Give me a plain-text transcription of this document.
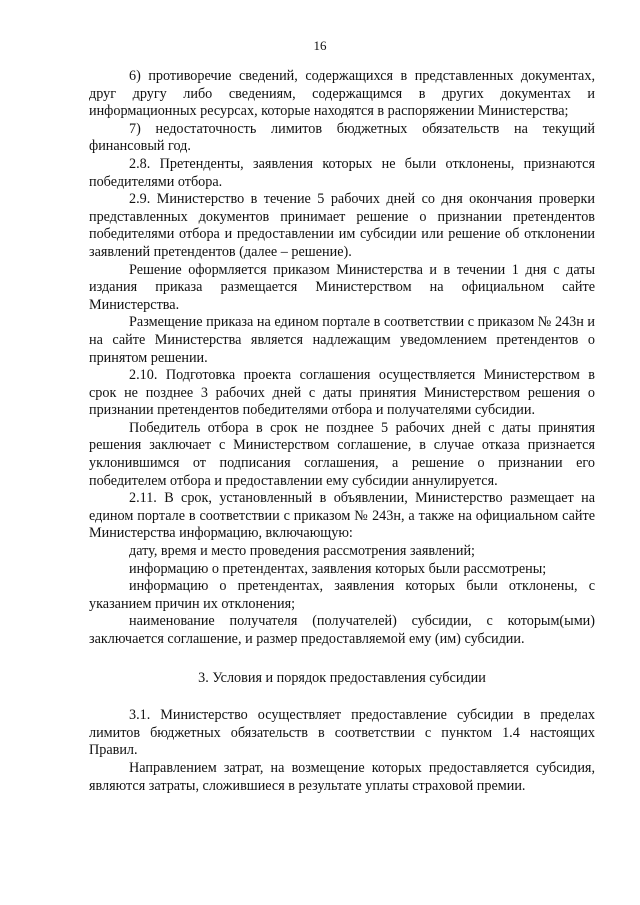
16

6) противоречие сведений, содержащихся в представленных документах, друг другу либо сведениям, содержащимся в других документах и информационных ресурсах, которые находятся в распоряжении Министерства;

7) недостаточность лимитов бюджетных обязательств на текущий финансовый год.

2.8. Претенденты, заявления которых не были отклонены, признаются победителями отбора.

2.9. Министерство в течение 5 рабочих дней со дня окончания проверки представленных документов принимает решение о признании претендентов победителями отбора и предоставлении им субсидии или решение об отклонении заявлений претендентов (далее – решение).

Решение оформляется приказом Министерства и в течении 1 дня с даты издания приказа размещается Министерством на официальном сайте Министерства.

Размещение приказа на едином портале в соответствии с приказом № 243н и на сайте Министерства является надлежащим уведомлением претендентов о принятом решении.

2.10. Подготовка проекта соглашения осуществляется Министерством в срок не позднее 3 рабочих дней с даты принятия Министерством решения о признании претендентов победителями отбора и получателями субсидии.

Победитель отбора в срок не позднее 5 рабочих дней с даты принятия решения заключает с Министерством соглашение, в случае отказа признается уклонившимся от подписания соглашения, а решение о признании его победителем отбора и предоставлении ему субсидии аннулируется.

2.11. В срок, установленный в объявлении, Министерство размещает на едином портале в соответствии с приказом № 243н, а также на официальном сайте Министерства информацию, включающую:

дату, время и место проведения рассмотрения заявлений;

информацию о претендентах, заявления которых были рассмотрены;

информацию о претендентах, заявления которых были отклонены, с указанием причин их отклонения;

наименование получателя (получателей) субсидии, с которым(ыми) заключается соглашение, и размер предоставляемой ему (им) субсидии.

3. Условия и порядок предоставления субсидии

3.1. Министерство осуществляет предоставление субсидии в пределах лимитов бюджетных обязательств в соответствии с пунктом 1.4 настоящих Правил.

Направлением затрат, на возмещение которых предоставляется субсидия, являются затраты, сложившиеся в результате уплаты страховой премии.
